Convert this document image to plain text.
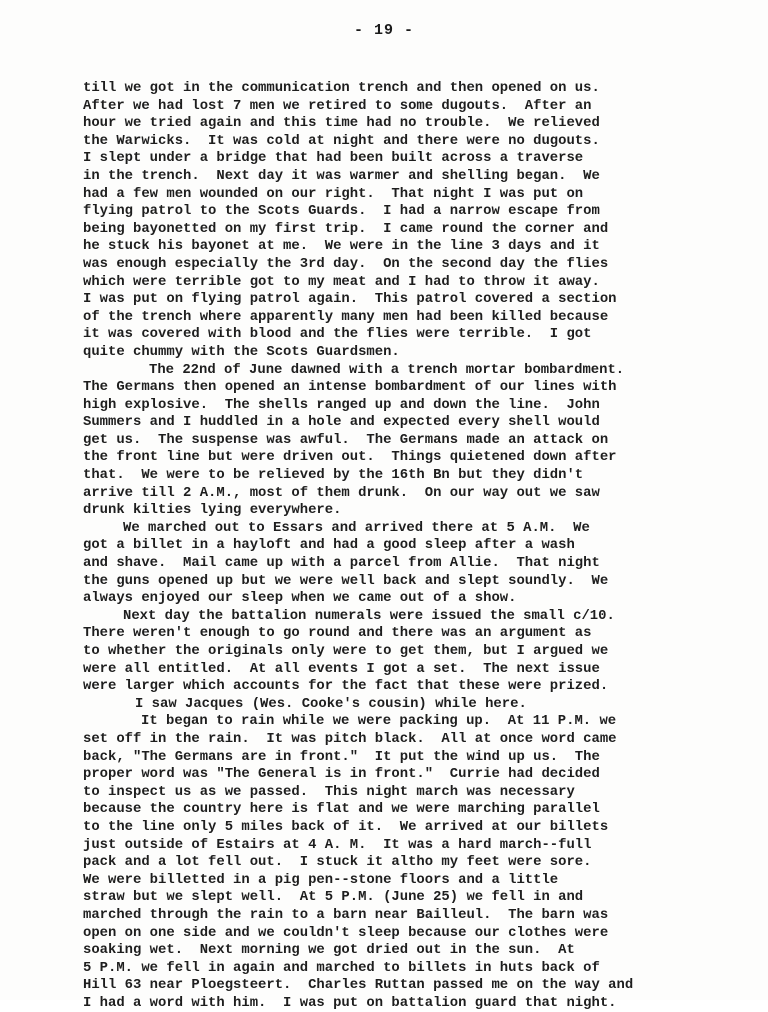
- 19 -
till we got in the communication trench and then opened on us.
After we had lost 7 men we retired to some dugouts.  After an
hour we tried again and this time had no trouble.  We relieved
the Warwicks.  It was cold at night and there were no dugouts.
I slept under a bridge that had been built across a traverse
in the trench.  Next day it was warmer and shelling began.  We
had a few men wounded on our right.  That night I was put on
flying patrol to the Scots Guards.  I had a narrow escape from
being bayonetted on my first trip.  I came round the corner and
he stuck his bayonet at me.  We were in the line 3 days and it
was enough especially the 3rd day.  On the second day the flies
which were terrible got to my meat and I had to throw it away.
I was put on flying patrol again.  This patrol covered a section
of the trench where apparently many men had been killed because
it was covered with blood and the flies were terrible.  I got
quite chummy with the Scots Guardsmen.
The 22nd of June dawned with a trench mortar bombardment.
The Germans then opened an intense bombardment of our lines with
high explosive.  The shells ranged up and down the line.  John
Summers and I huddled in a hole and expected every shell would
get us.  The suspense was awful.  The Germans made an attack on
the front line but were driven out.  Things quietened down after
that.  We were to be relieved by the 16th Bn but they didn't
arrive till 2 A.M., most of them drunk.  On our way out we saw
drunk kilties lying everywhere.
We marched out to Essars and arrived there at 5 A.M.  We
got a billet in a hayloft and had a good sleep after a wash
and shave.  Mail came up with a parcel from Allie.  That night
the guns opened up but we were well back and slept soundly.  We
always enjoyed our sleep when we came out of a show.
Next day the battalion numerals were issued the small c/10.
There weren't enough to go round and there was an argument as
to whether the originals only were to get them, but I argued we
were all entitled.  At all events I got a set.  The next issue
were larger which accounts for the fact that these were prized.
I saw Jacques (Wes. Cooke's cousin) while here.
It began to rain while we were packing up.  At 11 P.M. we
set off in the rain.  It was pitch black.  All at once word came
back, "The Germans are in front."  It put the wind up us.  The
proper word was "The General is in front."  Currie had decided
to inspect us as we passed.  This night march was necessary
because the country here is flat and we were marching parallel
to the line only 5 miles back of it.  We arrived at our billets
just outside of Estairs at 4 A. M.  It was a hard march--full
pack and a lot fell out.  I stuck it altho my feet were sore.
We were billetted in a pig pen--stone floors and a little
straw but we slept well.  At 5 P.M. (June 25) we fell in and
marched through the rain to a barn near Bailleul.  The barn was
open on one side and we couldn't sleep because our clothes were
soaking wet.  Next morning we got dried out in the sun.  At
5 P.M. we fell in again and marched to billets in huts back of
Hill 63 near Ploegsteert.  Charles Ruttan passed me on the way and
I had a word with him.  I was put on battalion guard that night.
